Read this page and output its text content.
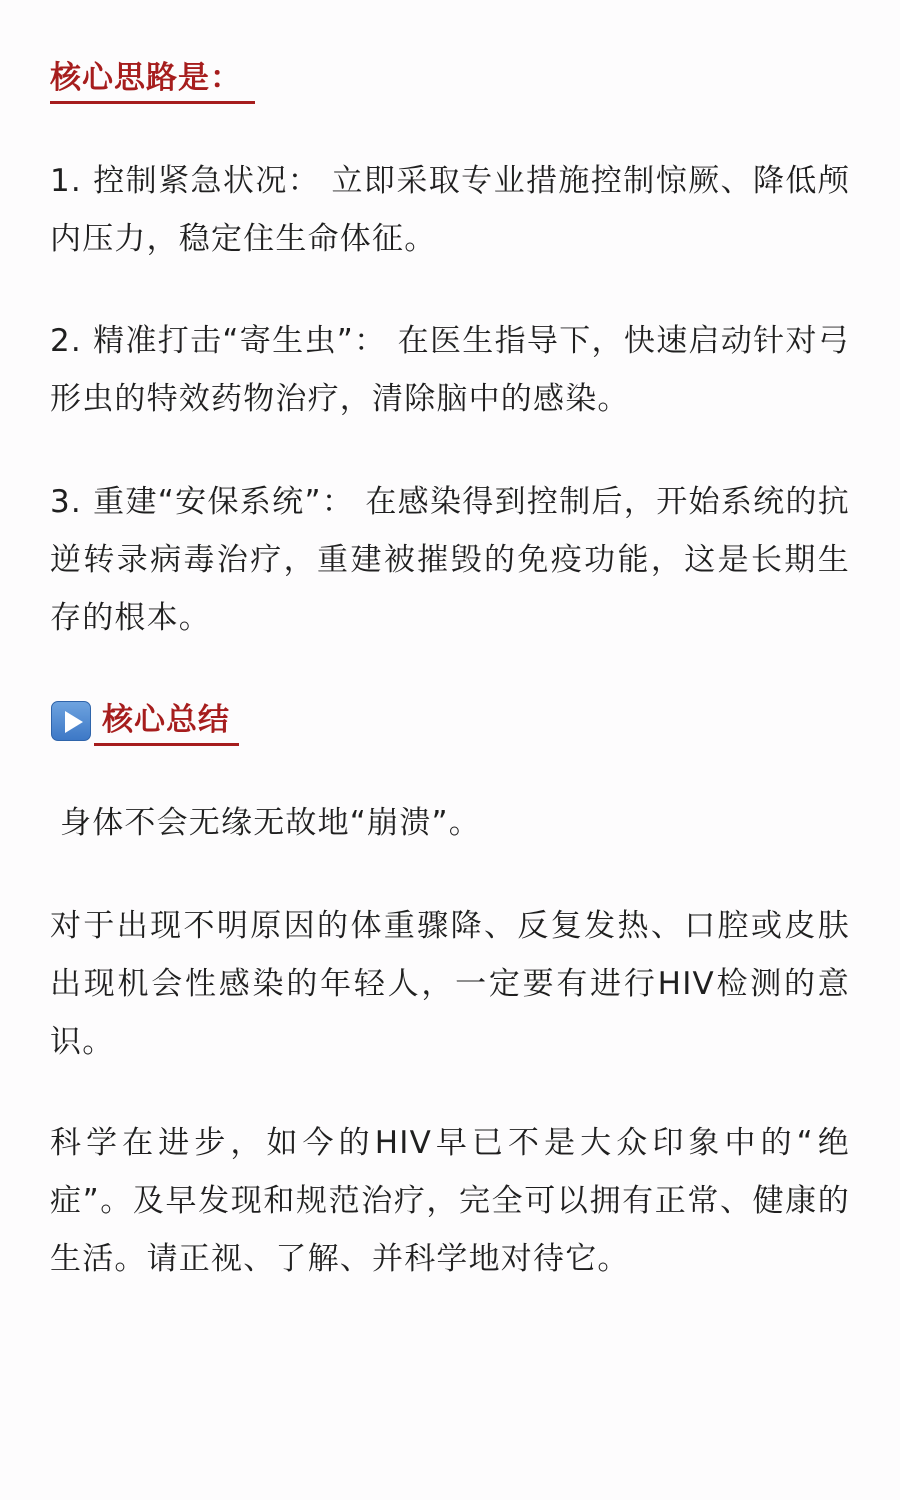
核心思路是：

1. 控制紧急状况： 立即采取专业措施控制惊厥、降低颅内压力，稳定住生命体征。

2. 精准打击“寄生虫”： 在医生指导下，快速启动针对弓形虫的特效药物治疗，清除脑中的感染。

3. 重建“安保系统”： 在感染得到控制后，开始系统的抗逆转录病毒治疗，重建被摧毁的免疫功能，这是长期生存的根本。

核心总结

身体不会无缘无故地“崩溃”。

对于出现不明原因的体重骤降、反复发热、口腔或皮肤出现机会性感染的年轻人，一定要有进行HIV检测的意识。

科学在进步，如今的HIV早已不是大众印象中的“绝症”。及早发现和规范治疗，完全可以拥有正常、健康的生活。请正视、了解、并科学地对待它。
